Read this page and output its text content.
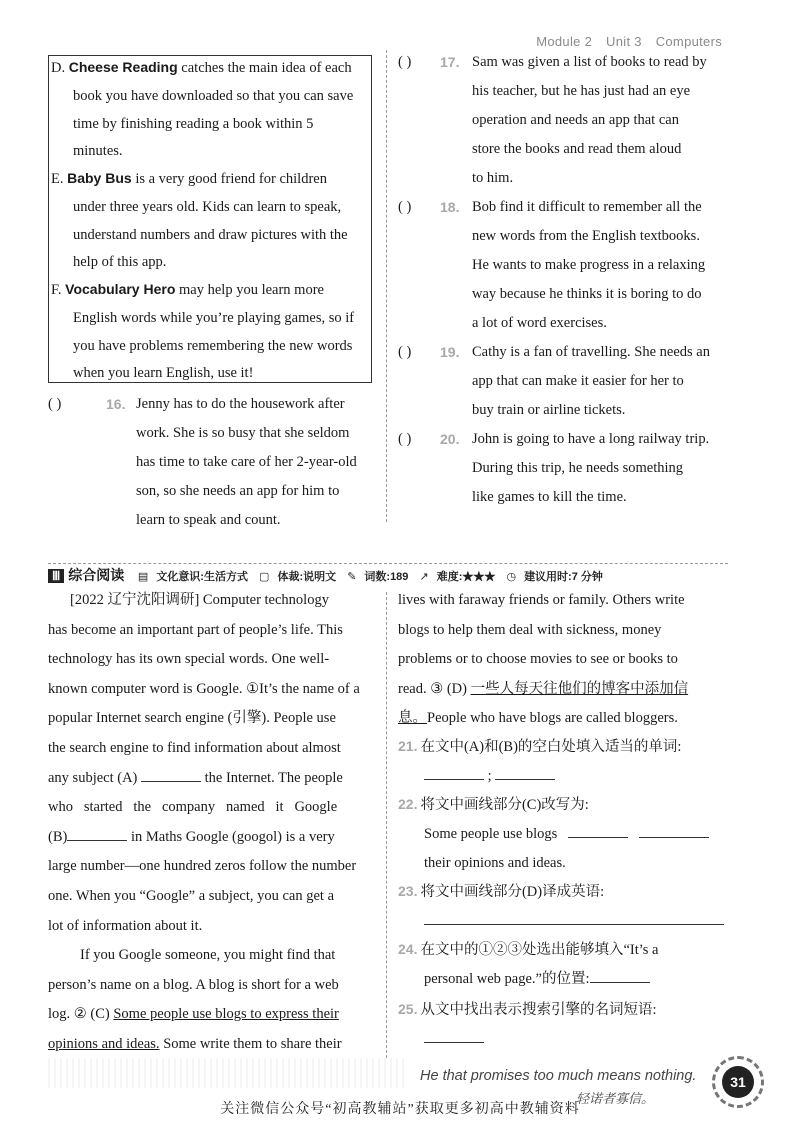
Module 2 Unit 3 Computers
D. Cheese Reading catches the main idea of each
book you have downloaded so that you can save
time by finishing reading a book within 5
minutes.
E. Baby Bus is a very good friend for children
under three years old. Kids can learn to speak,
understand numbers and draw pictures with the
help of this app.
F. Vocabulary Hero may help you learn more
English words while you’re playing games, so if
you have problems remembering the new words
when you learn English, use it!
( )	16. Jenny has to do the housework after
work. She is so busy that she seldom
has time to take care of her 2-year-old
son, so she needs an app for him to
learn to speak and count.
( )	17. Sam was given a list of books to read by
his teacher, but he has just had an eye
operation and needs an app that can
store the books and read them aloud
to him.
( )	18. Bob find it difficult to remember all the
new words from the English textbooks.
He wants to make progress in a relaxing
way because he thinks it is boring to do
a lot of word exercises.
( )	19. Cathy is a fan of travelling. She needs an
app that can make it easier for her to
buy train or airline tickets.
( )	20. John is going to have a long railway trip.
During this trip, he needs something
like games to kill the time.
Ⅲ 综合阅读 ▤ 文化意识:生活方式 ▢ 体裁:说明文 ✎ 词数:189 ↗ 难度:★★★ ◷ 建议用时:7 分钟
[2022 辽宁沈阳调研] Computer technology
has become an important part of people’s life. This
technology has its own special words. One well-
known computer word is Google. ①It’s the name of a
popular Internet search engine (引擎). People use
the search engine to find information about almost
any subject (A)	the Internet. The people
who   started   the   company   named   it   Google
(B)	in Maths Google (googol) is a very
large number—one hundred zeros follow the number
one. When you “Google” a subject, you can get a
lot of information about it.
If you Google someone, you might find that
person’s name on a blog. A blog is short for a web
log. ② (C) Some people use blogs to express their
opinions and ideas. Some write them to share their
lives with faraway friends or family. Others write
blogs to help them deal with sickness, money
problems or to choose movies to see or books to
read. ③ (D) 一些人每天往他们的博客中添加信
息。People who have blogs are called bloggers.
21. 在文中(A)和(B)的空白处填入适当的单词:
;
22. 将文中画线部分(C)改写为:
Some people use blogs
their opinions and ideas.
23. 将文中画线部分(D)译成英语:
24. 在文中的①②③处选出能够填入“It’s a
personal web page.”的位置:
25. 从文中找出表示搜索引擎的名词短语:
He that promises too much means nothing.
轻诺者寡信。
31
关注微信公众号“初高教辅站”获取更多初高中教辅资料
